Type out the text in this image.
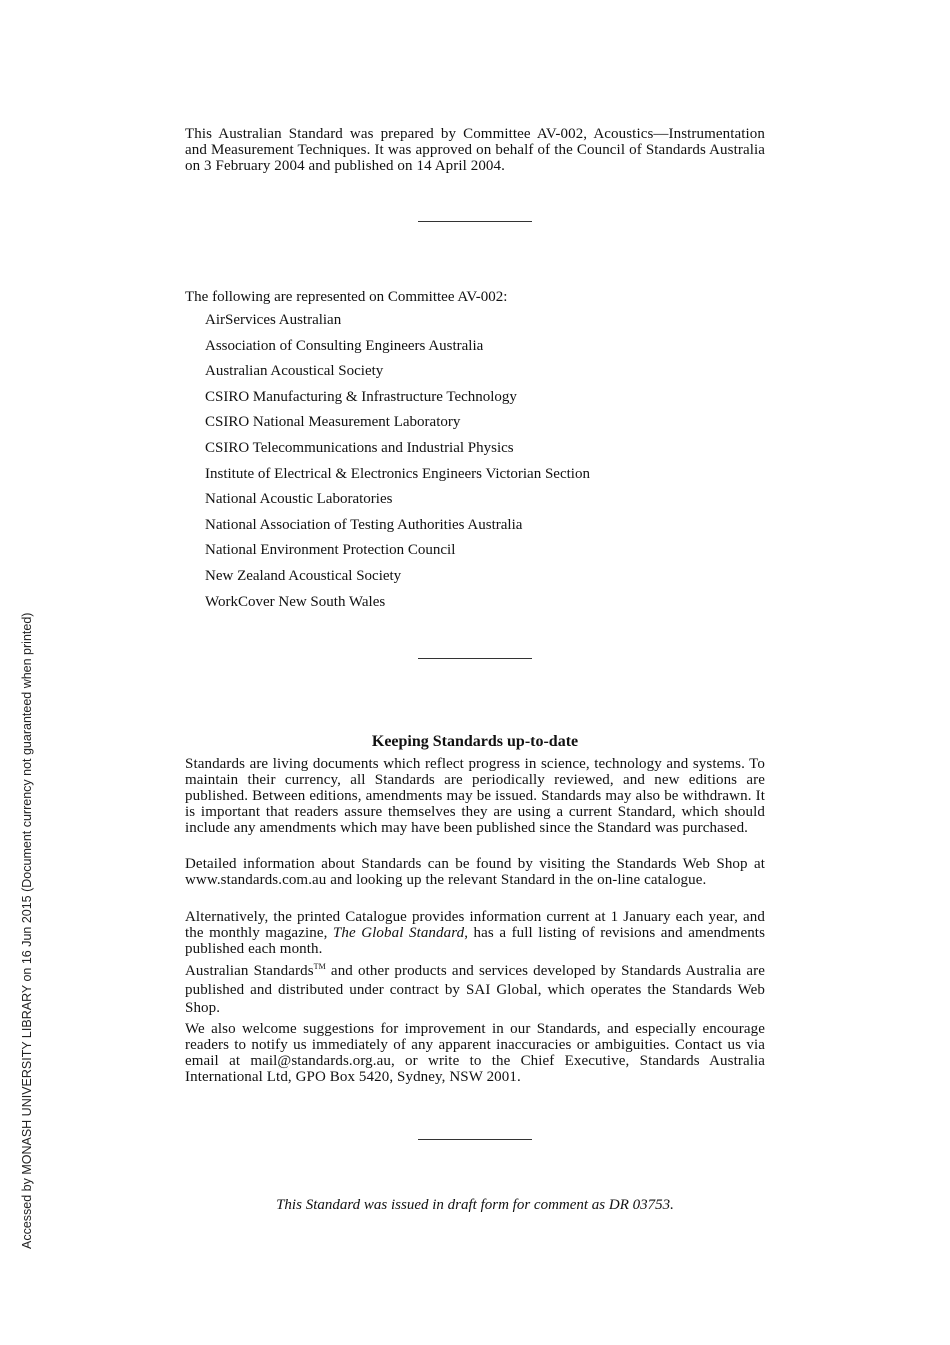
This Australian Standard was prepared by Committee AV-002, Acoustics—Instrumentation and Measurement Techniques. It was approved on behalf of the Council of Standards Australia on 3 February 2004 and published on 14 April 2004.

The following are represented on Committee AV-002:
AirServices Australian
Association of Consulting Engineers Australia
Australian Acoustical Society
CSIRO Manufacturing & Infrastructure Technology
CSIRO National Measurement Laboratory
CSIRO Telecommunications and Industrial Physics
Institute of Electrical & Electronics Engineers Victorian Section
National Acoustic Laboratories
National Association of Testing Authorities Australia
National Environment Protection Council
New Zealand Acoustical Society
WorkCover New South Wales
Keeping Standards up-to-date

Standards are living documents which reflect progress in science, technology and systems. To maintain their currency, all Standards are periodically reviewed, and new editions are published. Between editions, amendments may be issued. Standards may also be withdrawn. It is important that readers assure themselves they are using a current Standard, which should include any amendments which may have been published since the Standard was purchased.

Detailed information about Standards can be found by visiting the Standards Web Shop at www.standards.com.au and looking up the relevant Standard in the on-line catalogue.

Alternatively, the printed Catalogue provides information current at 1 January each year, and the monthly magazine, The Global Standard, has a full listing of revisions and amendments published each month.

Australian Standards™ and other products and services developed by Standards Australia are published and distributed under contract by SAI Global, which operates the Standards Web Shop.

We also welcome suggestions for improvement in our Standards, and especially encourage readers to notify us immediately of any apparent inaccuracies or ambiguities. Contact us via email at mail@standards.org.au, or write to the Chief Executive, Standards Australia International Ltd, GPO Box 5420, Sydney, NSW 2001.

This Standard was issued in draft form for comment as DR 03753.
Accessed by MONASH UNIVERSITY LIBRARY on 16 Jun 2015 (Document currency not guaranteed when printed)
